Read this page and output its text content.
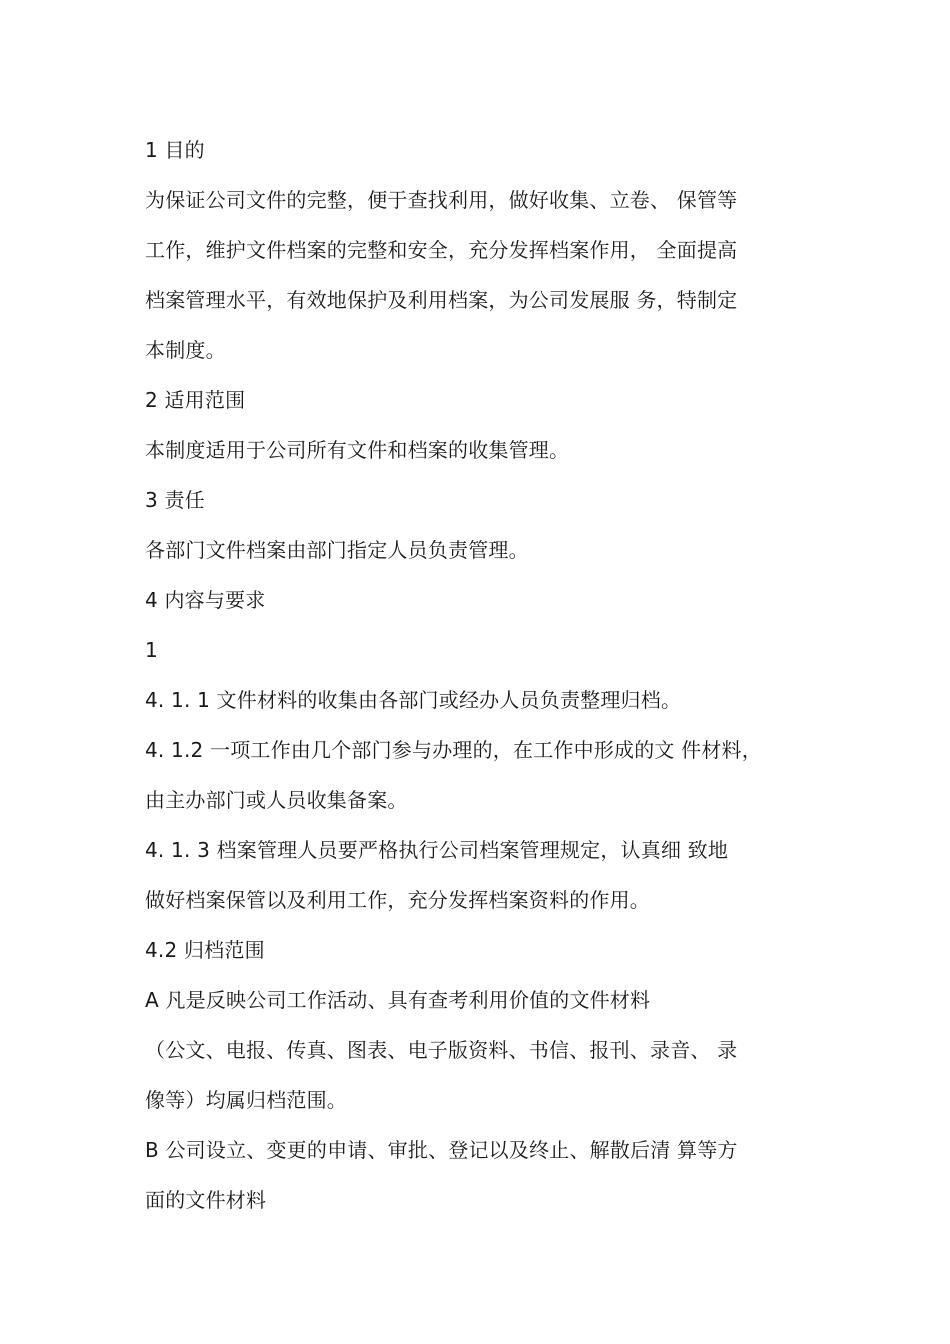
1 目的
为保证公司文件的完整，便于查找利用，做好收集、立卷、 保管等
工作，维护文件档案的完整和安全，充分发挥档案作用， 全面提高
档案管理水平，有效地保护及利用档案，为公司发展服 务，特制定
本制度。
2 适用范围
本制度适用于公司所有文件和档案的收集管理。
3 责任
各部门文件档案由部门指定人员负责管理。
4 内容与要求
1
4. 1. 1 文件材料的收集由各部门或经办人员负责整理归档。
4. 1.2 一项工作由几个部门参与办理的，在工作中形成的文 件材料，
由主办部门或人员收集备案。
4. 1. 3 档案管理人员要严格执行公司档案管理规定，认真细 致地
做好档案保管以及利用工作，充分发挥档案资料的作用。
4.2 归档范围
A 凡是反映公司工作活动、具有查考利用价值的文件材料
（公文、电报、传真、图表、电子版资料、书信、报刊、录音、 录
像等）均属归档范围。
B 公司设立、变更的申请、审批、登记以及终止、解散后清 算等方
面的文件材料
